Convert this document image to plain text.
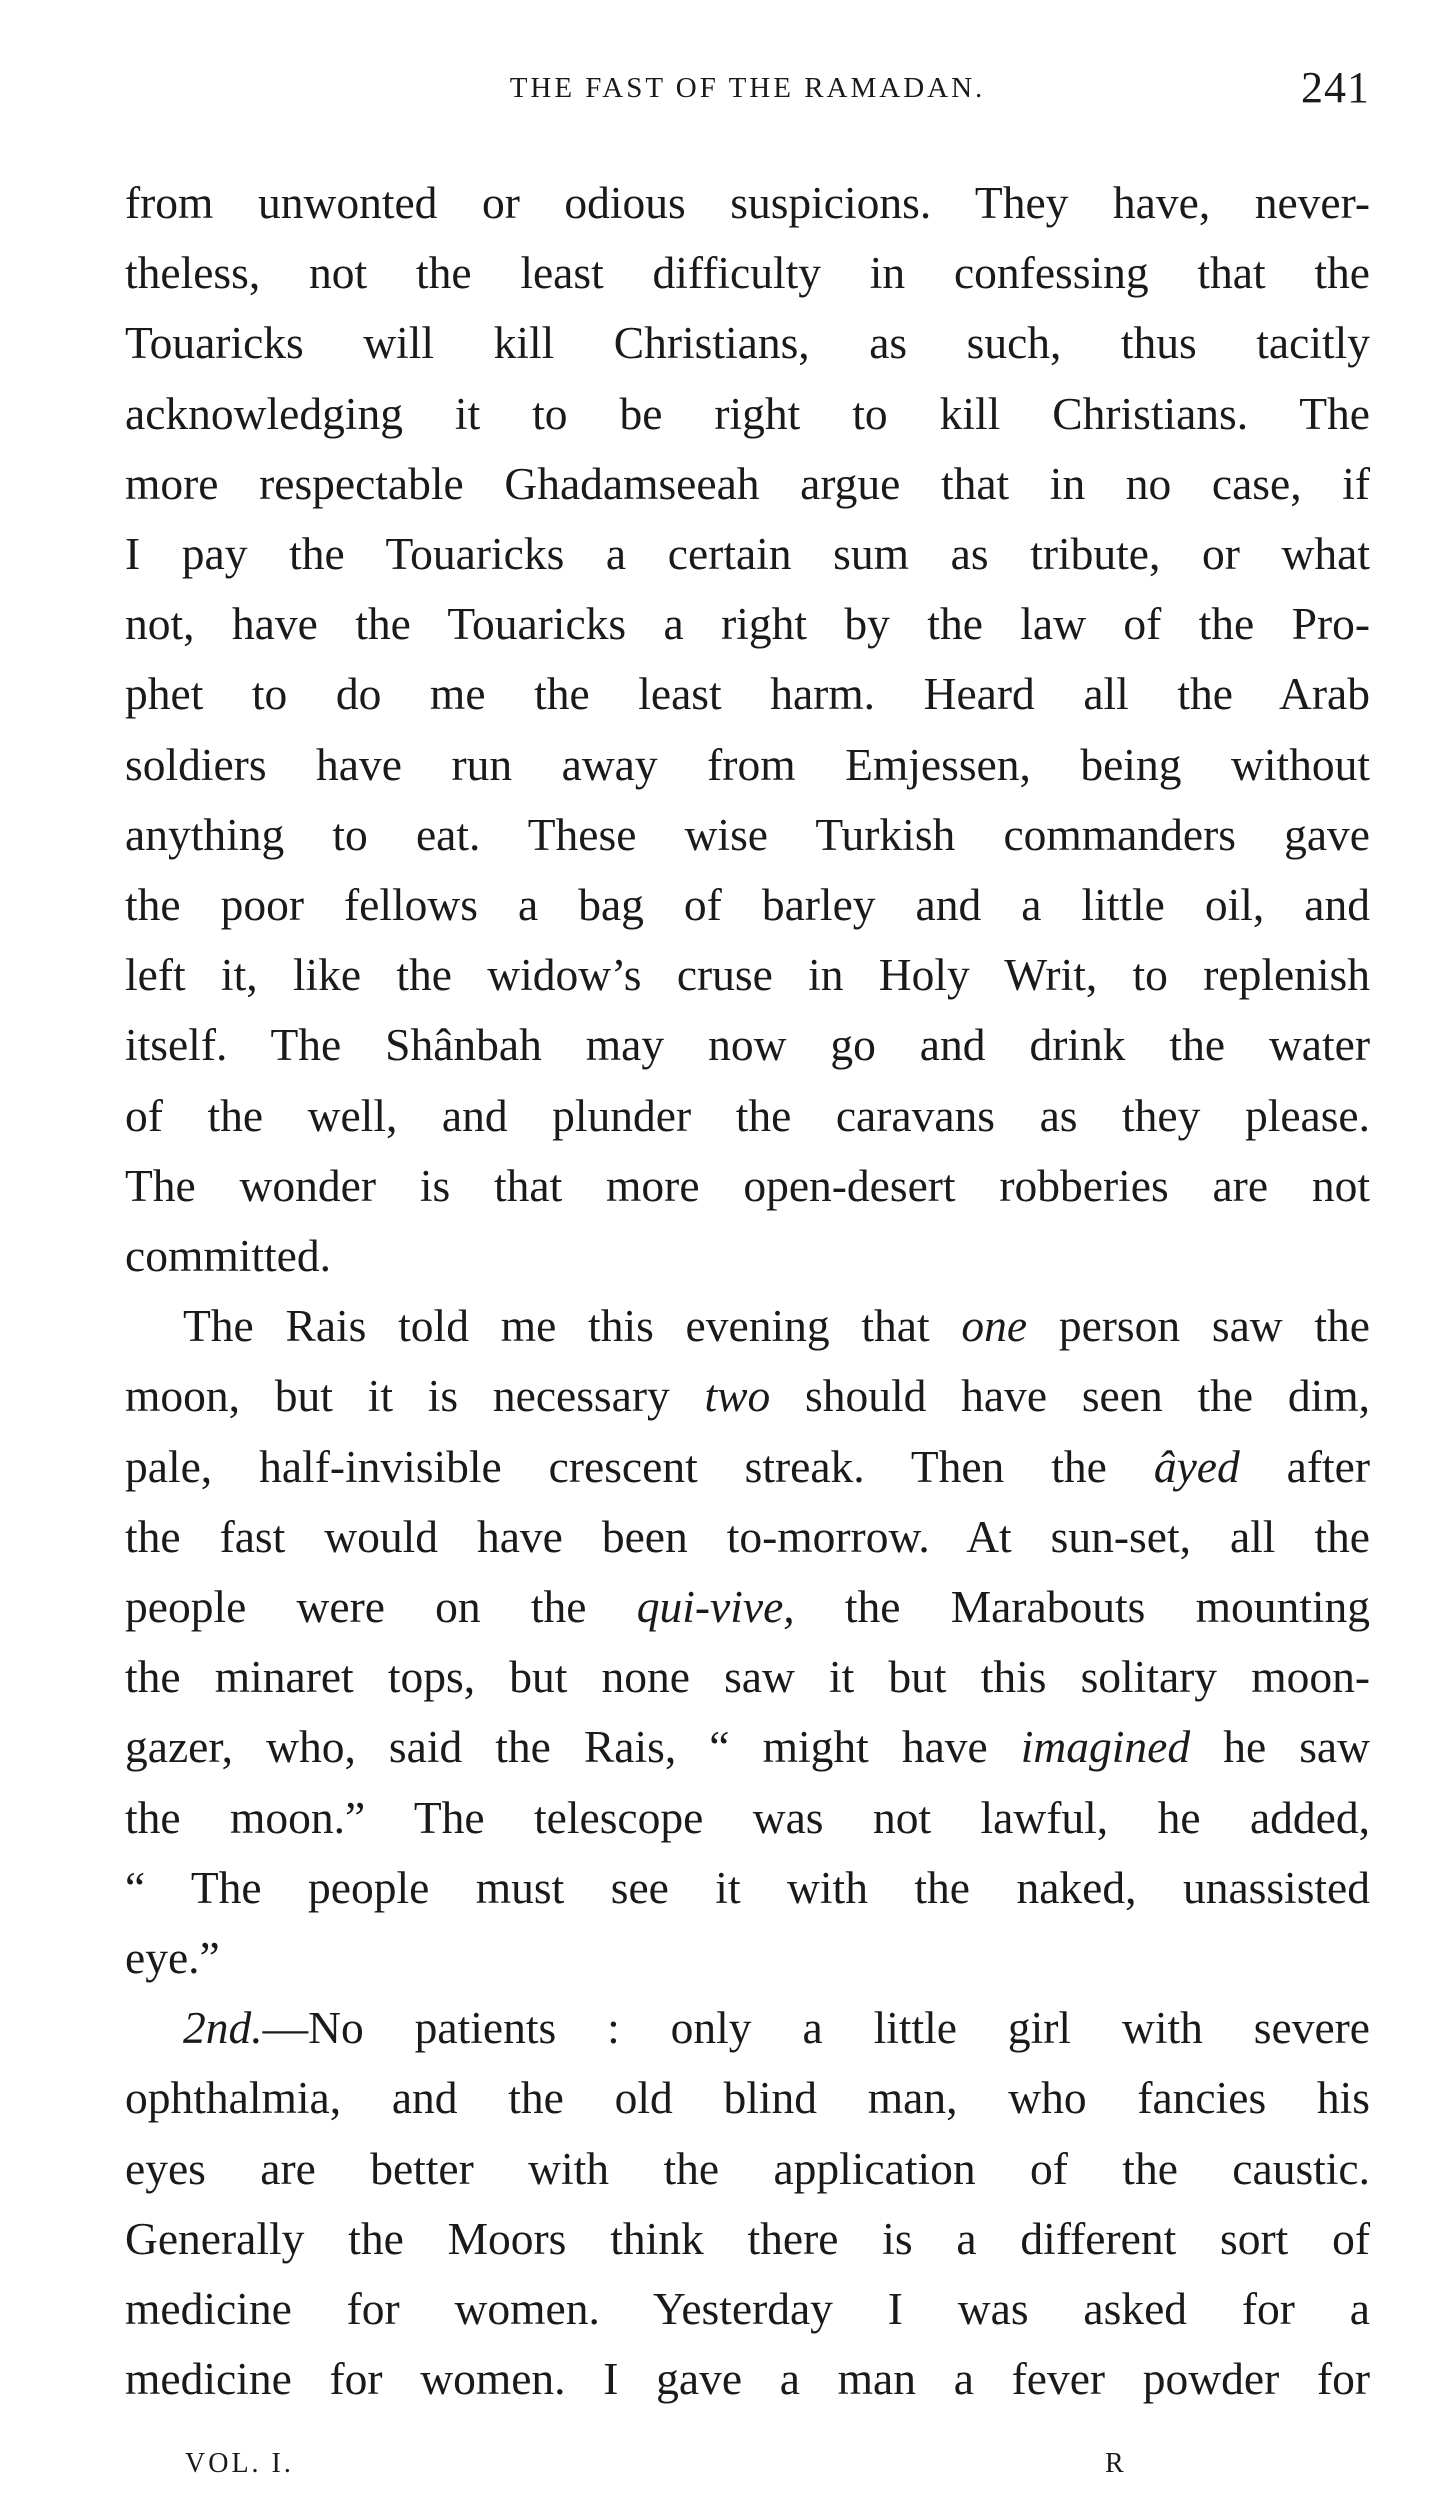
THE FAST OF THE RAMADAN.	241
from unwonted or odious suspicions. They have, never-
theless, not the least difficulty in confessing that the
Touaricks will kill Christians, as such, thus tacitly
acknowledging it to be right to kill Christians. The
more respectable Ghadamseeah argue that in no case, if
I pay the Touaricks a certain sum as tribute, or what
not, have the Touaricks a right by the law of the Pro-
phet to do me the least harm. Heard all the Arab
soldiers have run away from Emjessen, being without
anything to eat. These wise Turkish commanders gave
the poor fellows a bag of barley and a little oil, and
left it, like the widow’s cruse in Holy Writ, to replenish
itself. The Shânbah may now go and drink the water
of the well, and plunder the caravans as they please.
The wonder is that more open-desert robberies are not
committed.
The Rais told me this evening that one person saw the
moon, but it is necessary two should have seen the dim,
pale, half-invisible crescent streak. Then the âyed after
the fast would have been to-morrow. At sun-set, all the
people were on the qui-vive, the Marabouts mounting
the minaret tops, but none saw it but this solitary moon-
gazer, who, said the Rais, “ might have imagined he saw
the moon.” The telescope was not lawful, he added,
“ The people must see it with the naked, unassisted
eye.”
2nd.—No patients : only a little girl with severe
ophthalmia, and the old blind man, who fancies his
eyes are better with the application of the caustic.
Generally the Moors think there is a different sort of
medicine for women. Yesterday I was asked for a
medicine for women. I gave a man a fever powder for
VOL. I.	R
